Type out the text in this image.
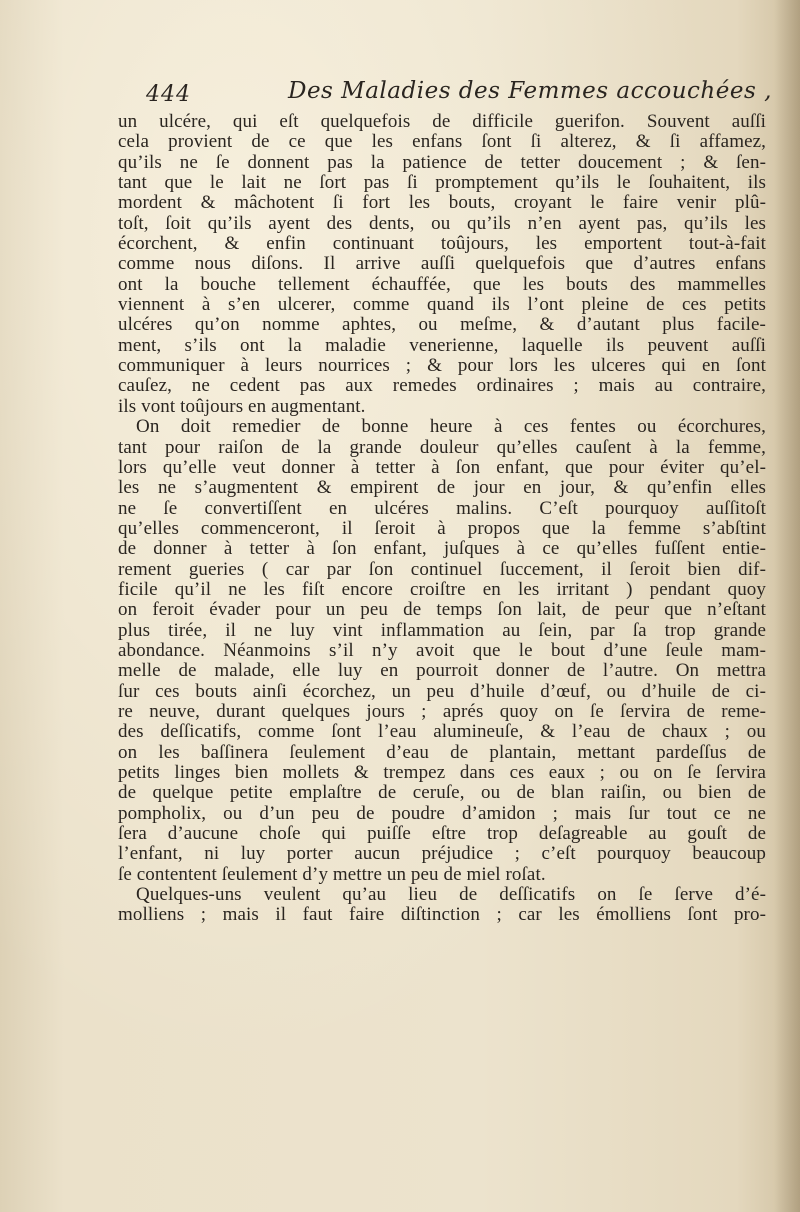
444	Des Maladies des Femmes accouchées ,
un ulcére, qui eſt quelquefois de difficile guerifon. Souvent auſſi
cela provient de ce que les enfans ſont ſi alterez, & ſi affamez,
qu’ils ne ſe donnent pas la patience de tetter doucement ; & ſen-
tant que le lait ne ſort pas ſi promptement qu’ils le ſouhaitent, ils
mordent & mâchotent ſi fort les bouts, croyant le faire venir plû-
toſt, ſoit qu’ils ayent des dents, ou qu’ils n’en ayent pas, qu’ils les
écorchent, & enfin continuant toûjours, les emportent tout-à-fait
comme nous diſons. Il arrive auſſi quelquefois que d’autres enfans
ont la bouche tellement échauffée, que les bouts des mammelles
viennent à s’en ulcerer, comme quand ils l’ont pleine de ces petits
ulcéres qu’on nomme aphtes, ou meſme, & d’autant plus facile-
ment, s’ils ont la maladie venerienne, laquelle ils peuvent auſſi
communiquer à leurs nourrices ; & pour lors les ulceres qui en ſont
cauſez, ne cedent pas aux remedes ordinaires ; mais au contraire,
ils vont toûjours en augmentant.
On doit remedier de bonne heure à ces fentes ou écorchures,
tant pour raiſon de la grande douleur qu’elles cauſent à la femme,
lors qu’elle veut donner à tetter à ſon enfant, que pour éviter qu’el-
les ne s’augmentent & empirent de jour en jour, & qu’enfin elles
ne ſe convertiſſent en ulcéres malins. C’eſt pourquoy auſſitoſt
qu’elles commenceront, il ſeroit à propos que la femme s’abſtint
de donner à tetter à ſon enfant, juſques à ce qu’elles fuſſent entie-
rement gueries ( car par ſon continuel ſuccement, il ſeroit bien dif-
ficile qu’il ne les fiſt encore croiſtre en les irritant ) pendant quoy
on feroit évader pour un peu de temps ſon lait, de peur que n’eſtant
plus tirée, il ne luy vint inflammation au ſein, par ſa trop grande
abondance. Néanmoins s’il n’y avoit que le bout d’une ſeule mam-
melle de malade, elle luy en pourroit donner de l’autre. On mettra
ſur ces bouts ainſi écorchez, un peu d’huile d’œuf, ou d’huile de ci-
re neuve, durant quelques jours ; aprés quoy on ſe ſervira de reme-
des deſſicatifs, comme ſont l’eau alumineuſe, & l’eau de chaux ; ou
on les baſſinera ſeulement d’eau de plantain, mettant pardeſſus de
petits linges bien mollets & trempez dans ces eaux ; ou on ſe ſervira
de quelque petite emplaſtre de ceruſe, ou de blan raiſin, ou bien de
pompholix, ou d’un peu de poudre d’amidon ; mais ſur tout ce ne
ſera d’aucune choſe qui puiſſe eſtre trop deſagreable au gouſt de
l’enfant, ni luy porter aucun préjudice ; c’eſt pourquoy beaucoup
ſe contentent ſeulement d’y mettre un peu de miel roſat.
Quelques-uns veulent qu’au lieu de deſſicatifs on ſe ſerve d’é-
molliens ; mais il faut faire diſtinction ; car les émolliens ſont pro-
